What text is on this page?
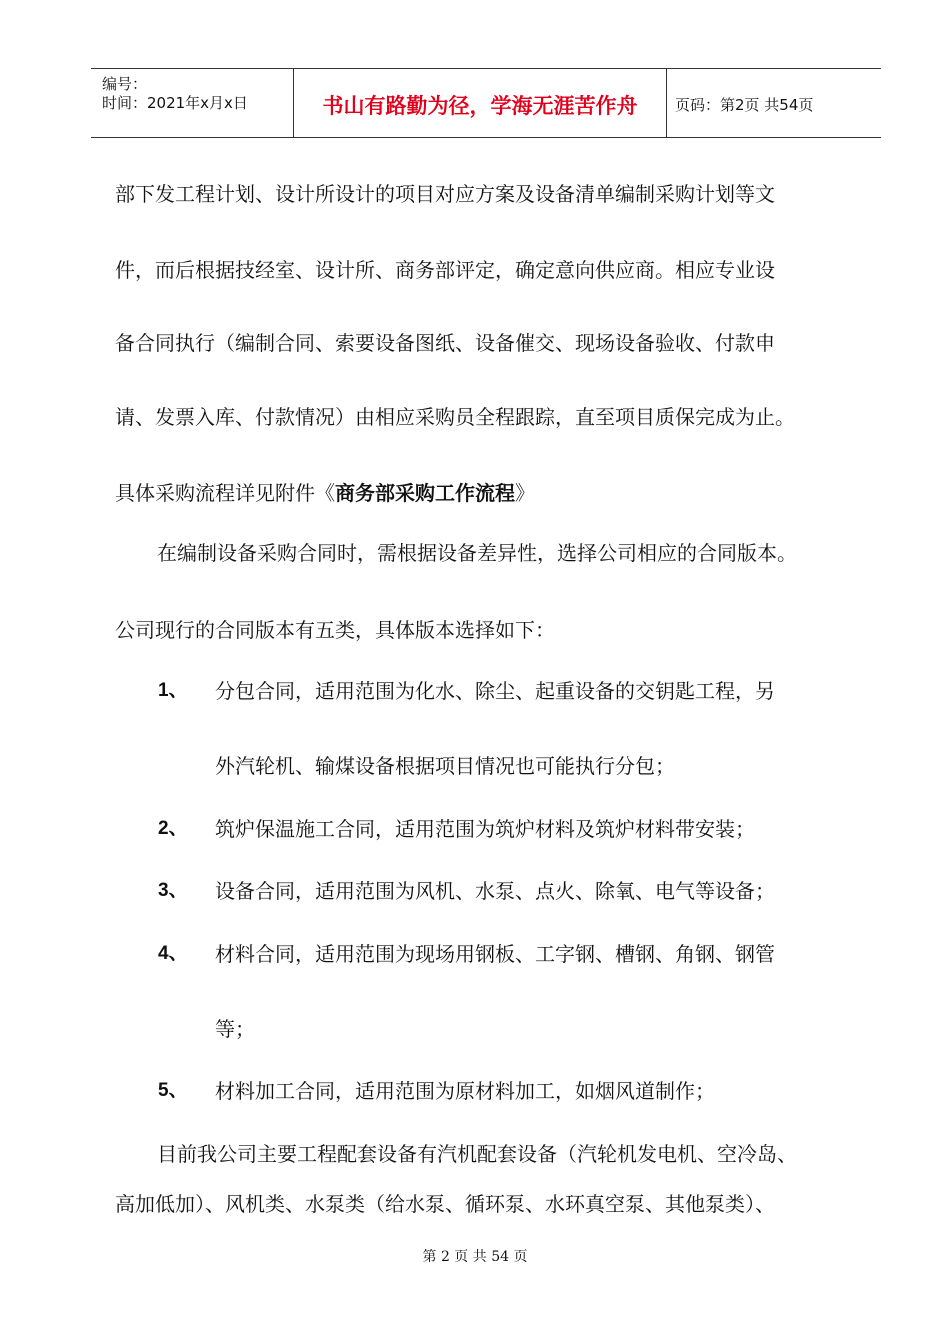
编号：
时间：2021年x月x日	书山有路勤为径，学海无涯苦作舟	页码：第2页 共54页
部下发工程计划、设计所设计的项目对应方案及设备清单编制采购计划等文
件，而后根据技经室、设计所、商务部评定，确定意向供应商。相应专业设
备合同执行（编制合同、索要设备图纸、设备催交、现场设备验收、付款申
请、发票入库、付款情况）由相应采购员全程跟踪，直至项目质保完成为止。
具体采购流程详见附件《商务部采购工作流程》
在编制设备采购合同时，需根据设备差异性，选择公司相应的合同版本。
公司现行的合同版本有五类，具体版本选择如下：
1、 分包合同，适用范围为化水、除尘、起重设备的交钥匙工程，另
外汽轮机、输煤设备根据项目情况也可能执行分包；
2、 筑炉保温施工合同，适用范围为筑炉材料及筑炉材料带安装；
3、 设备合同，适用范围为风机、水泵、点火、除氧、电气等设备；
4、 材料合同，适用范围为现场用钢板、工字钢、槽钢、角钢、钢管
等；
5、 材料加工合同，适用范围为原材料加工，如烟风道制作；
目前我公司主要工程配套设备有汽机配套设备（汽轮机发电机、空冷岛、
高加低加）、风机类、水泵类（给水泵、循环泵、水环真空泵、其他泵类）、
第 2 页 共 54 页
